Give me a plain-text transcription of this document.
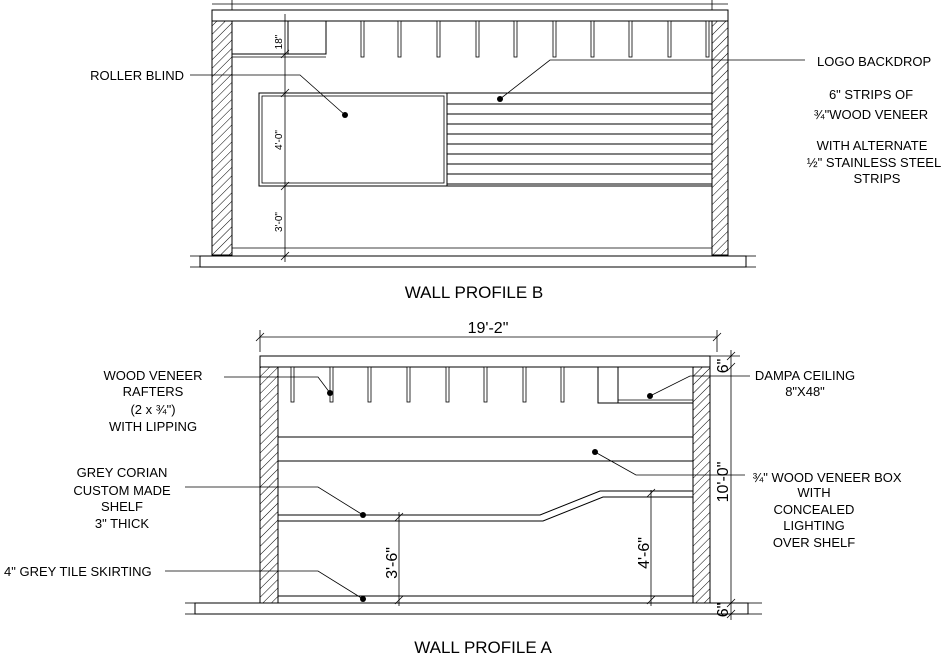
18"
4'-0"
3'-0"
ROLLER BLIND
LOGO BACKDROP
6" STRIPS OF
¾"WOOD VENEER
WITH ALTERNATE
½" STAINLESS STEEL
STRIPS
WALL PROFILE B
19'-2"
3'-6"	4'-6"
6"
10'-0"
6"
WOOD VENEER
RAFTERS
(2 x ¾")
WITH LIPPING
GREY CORIAN
CUSTOM MADE
SHELF
3" THICK
4" GREY TILE SKIRTING
DAMPA CEILING
8"X48"
¾" WOOD VENEER BOX
WITH
CONCEALED
LIGHTING
OVER SHELF
WALL PROFILE A
